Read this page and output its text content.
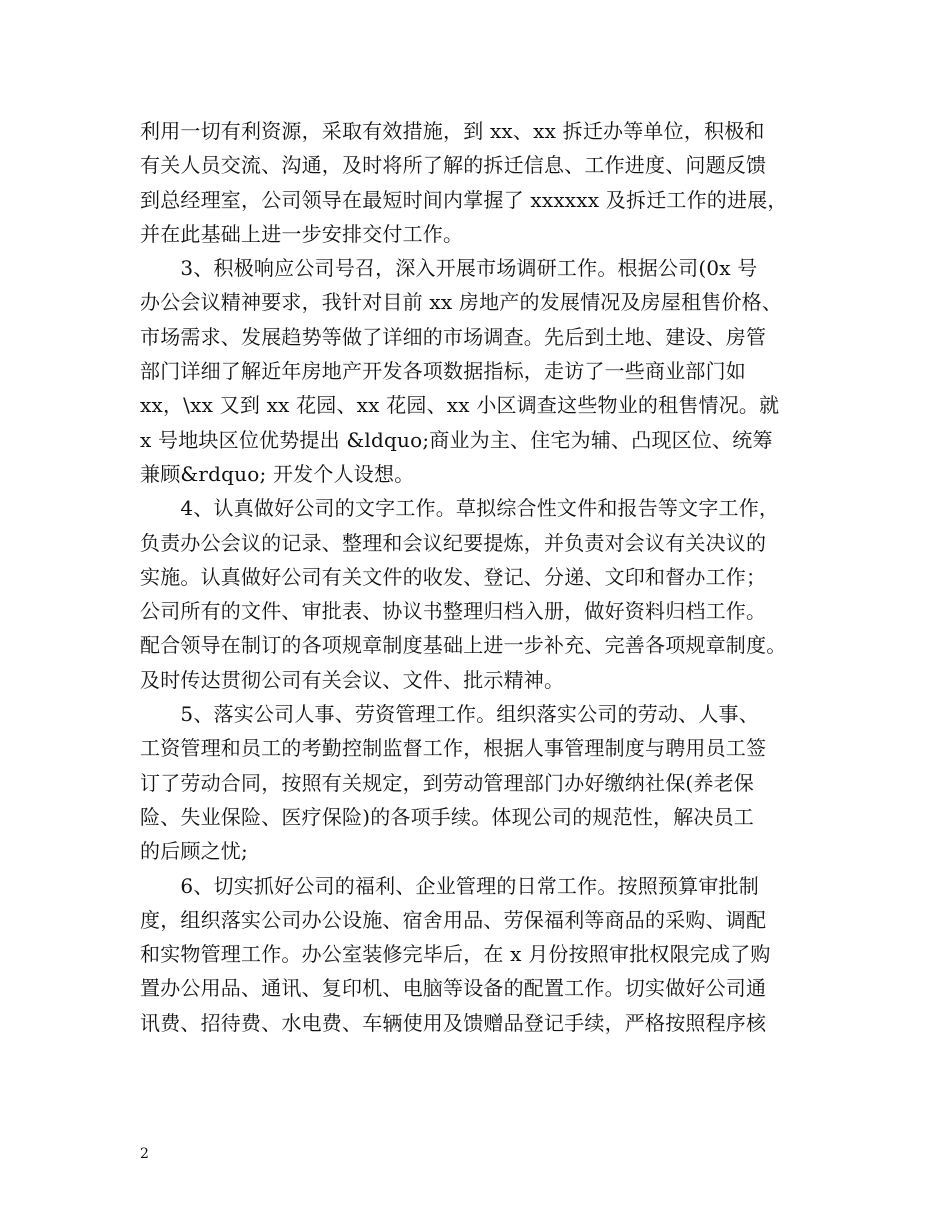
利用一切有利资源，采取有效措施，到 xx、xx 拆迁办等单位，积极和
有关人员交流、沟通，及时将所了解的拆迁信息、工作进度、问题反馈
到总经理室，公司领导在最短时间内掌握了 xxxxxx 及拆迁工作的进展，
并在此基础上进一步安排交付工作。
　　3、积极响应公司号召，深入开展市场调研工作。根据公司(0x 号
办公会议精神要求，我针对目前 xx 房地产的发展情况及房屋租售价格、
市场需求、发展趋势等做了详细的市场调查。先后到土地、建设、房管
部门详细了解近年房地产开发各项数据指标，走访了一些商业部门如
xx，\xx 又到 xx 花园、xx 花园、xx 小区调查这些物业的租售情况。就
x 号地块区位优势提出 &ldquo;商业为主、住宅为辅、凸现区位、统筹
兼顾&rdquo; 开发个人设想。
　　4、认真做好公司的文字工作。草拟综合性文件和报告等文字工作，
负责办公会议的记录、整理和会议纪要提炼，并负责对会议有关决议的
实施。认真做好公司有关文件的收发、登记、分递、文印和督办工作；
公司所有的文件、审批表、协议书整理归档入册，做好资料归档工作。
配合领导在制订的各项规章制度基础上进一步补充、完善各项规章制度。
及时传达贯彻公司有关会议、文件、批示精神。
　　5、落实公司人事、劳资管理工作。组织落实公司的劳动、人事、
工资管理和员工的考勤控制监督工作，根据人事管理制度与聘用员工签
订了劳动合同，按照有关规定，到劳动管理部门办好缴纳社保(养老保
险、失业保险、医疗保险)的各项手续。体现公司的规范性，解决员工
的后顾之忧;
　　6、切实抓好公司的福利、企业管理的日常工作。按照预算审批制
度，组织落实公司办公设施、宿舍用品、劳保福利等商品的采购、调配
和实物管理工作。办公室装修完毕后，在 x 月份按照审批权限完成了购
置办公用品、通讯、复印机、电脑等设备的配置工作。切实做好公司通
讯费、招待费、水电费、车辆使用及馈赠品登记手续，严格按照程序核
2
